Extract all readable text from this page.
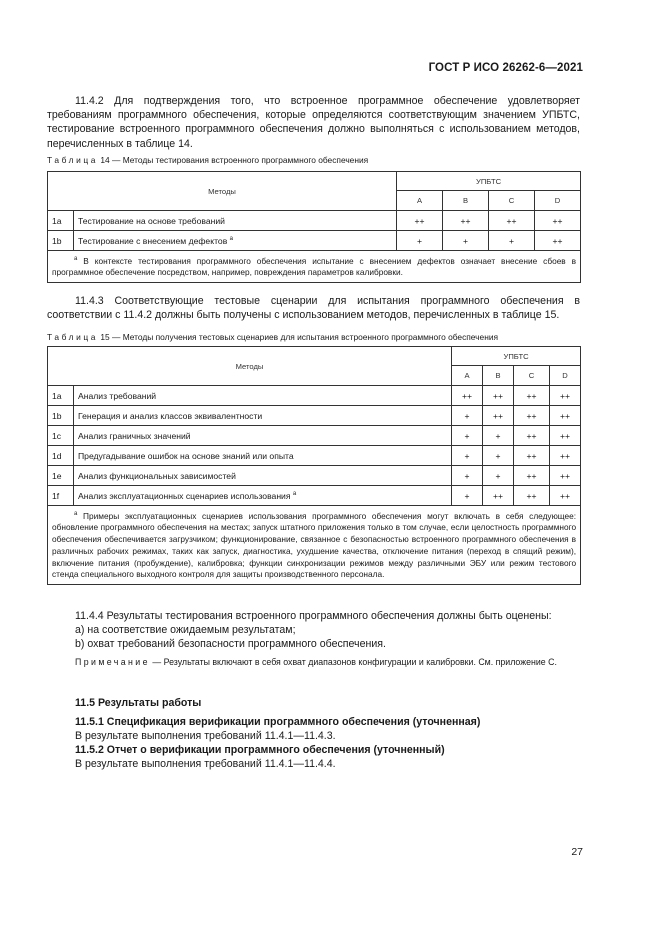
ГОСТ Р ИСО 26262-6—2021
11.4.2 Для подтверждения того, что встроенное программное обеспечение удовлетворяет требованиям программного обеспечения, которые определяются соответствующим значением УПБТС, тестирование встроенного программного обеспечения должно выполняться с использованием методов, перечисленных в таблице 14.
Таблица 14 — Методы тестирования встроенного программного обеспечения
Методы		УПБТС			
		A	B	C	D
1a	Тестирование на основе требований	++	++	++	++
1b	Тестирование с внесением дефектов $^a$	+	+	+	++
$^a$ В контексте тестирования программного обеспечения испытание с внесением дефектов означает внесение сбоев в программное обеспечение посредством, например, повреждения параметров калибровки.					
11.4.3 Соответствующие тестовые сценарии для испытания программного обеспечения в соответствии с 11.4.2 должны быть получены с использованием методов, перечисленных в таблице 15.
Таблица 15 — Методы получения тестовых сценариев для испытания встроенного программного обеспечения
Методы		УПБТС			
		A	B	C	D
1a	Анализ требований	++	++	++	++
1b	Генерация и анализ классов эквивалентности	+	++	++	++
1c	Анализ граничных значений	+	+	++	++
1d	Предугадывание ошибок на основе знаний или опыта	+	+	++	++
1e	Анализ функциональных зависимостей	+	+	++	++
1f	Анализ эксплуатационных сценариев использования $^a$	+	++	++	++
$^a$ Примеры эксплуатационных сценариев использования программного обеспечения могут включать в себя следующее: обновление программного обеспечения на местах; запуск штатного приложения только в том случае, если целостность программного обеспечения обеспечивается загрузчиком; функционирование, связанное с безопасностью встроенного программного обеспечения в различных рабочих режимах, таких как запуск, диагностика, ухудшение качества, отключение питания (переход в спящий режим), включение питания (пробуждение), калибровка; функции синхронизации режимов между различными ЭБУ или режим тестового стенда специального выходного контроля для защиты производственного персонала.					
11.4.4 Результаты тестирования встроенного программного обеспечения должны быть оценены:
а) на соответствие ожидаемым результатам;
b) охват требований безопасности программного обеспечения.
Примечание — Результаты включают в себя охват диапазонов конфигурации и калибровки. См. приложение С.
11.5 Результаты работы
11.5.1 Спецификация верификации программного обеспечения (уточненная)
В результате выполнения требований 11.4.1—11.4.3.
11.5.2 Отчет о верификации программного обеспечения (уточненный)
В результате выполнения требований 11.4.1—11.4.4.
27
